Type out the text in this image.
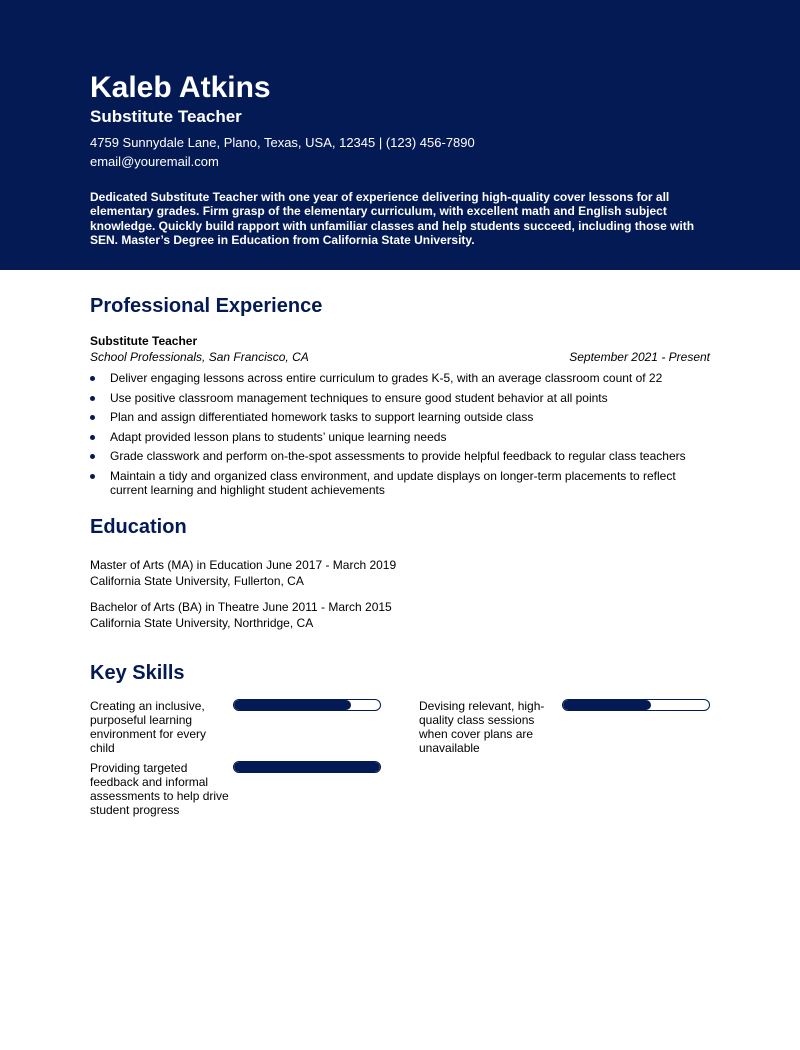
Kaleb Atkins
Substitute Teacher
4759 Sunnydale Lane, Plano, Texas, USA, 12345 | (123) 456-7890
email@youremail.com

Dedicated Substitute Teacher with one year of experience delivering high-quality cover lessons for all elementary grades. Firm grasp of the elementary curriculum, with excellent math and English subject knowledge. Quickly build rapport with unfamiliar classes and help students succeed, including those with SEN. Master’s Degree in Education from California State University.

Professional Experience
Substitute Teacher
School Professionals, San Francisco, CA	September 2021 - Present
Deliver engaging lessons across entire curriculum to grades K-5, with an average classroom count of 22
Use positive classroom management techniques to ensure good student behavior at all points
Plan and assign differentiated homework tasks to support learning outside class
Adapt provided lesson plans to students’ unique learning needs
Grade classwork and perform on-the-spot assessments to provide helpful feedback to regular class teachers
Maintain a tidy and organized class environment, and update displays on longer-term placements to reflect current learning and highlight student achievements
Education
Master of Arts (MA) in Education June 2017 - March 2019
California State University, Fullerton, CA
Bachelor of Arts (BA) in Theatre June 2011 - March 2015
California State University, Northridge, CA
Key Skills
Creating an inclusive, purposeful learning environment for every child
Devising relevant, high-quality class sessions when cover plans are unavailable
Providing targeted feedback and informal assessments to help drive student progress
